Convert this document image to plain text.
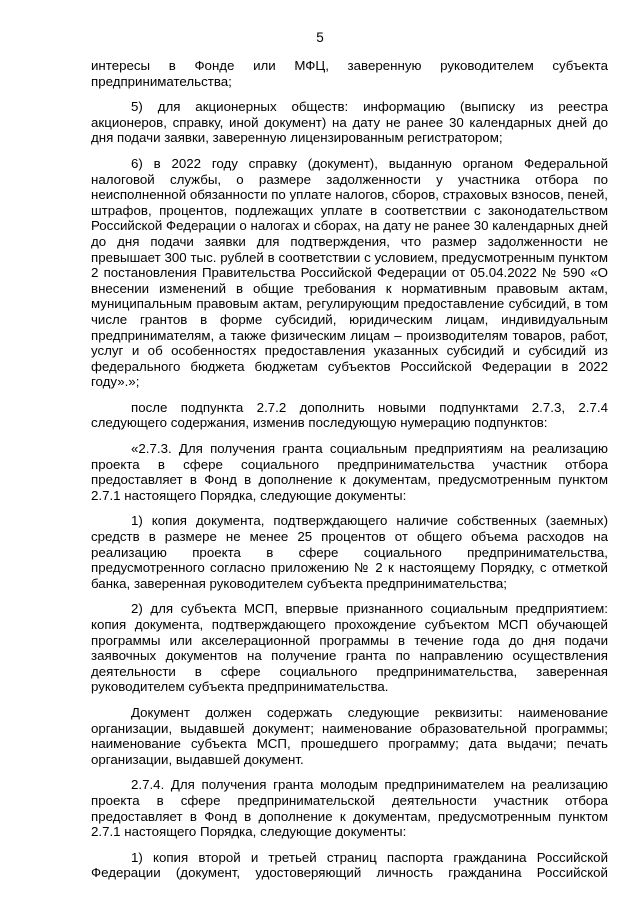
5

интересы в Фонде или МФЦ, заверенную руководителем субъекта предпринимательства;

5) для акционерных обществ: информацию (выписку из реестра акционеров, справку, иной документ) на дату не ранее 30 календарных дней до дня подачи заявки, заверенную лицензированным регистратором;

6) в 2022 году справку (документ), выданную органом Федеральной налоговой службы, о размере задолженности у участника отбора по неисполненной обязанности по уплате налогов, сборов, страховых взносов, пеней, штрафов, процентов, подлежащих уплате в соответствии с законодательством Российской Федерации о налогах и сборах, на дату не ранее 30 календарных дней до дня подачи заявки для подтверждения, что размер задолженности не превышает 300 тыс. рублей в соответствии с условием, предусмотренным пунктом 2 постановления Правительства Российской Федерации от 05.04.2022 № 590 «О внесении изменений в общие требования к нормативным правовым актам, муниципальным правовым актам, регулирующим предоставление субсидий, в том числе грантов в форме субсидий, юридическим лицам, индивидуальным предпринимателям, а также физическим лицам – производителям товаров, работ, услуг и об особенностях предоставления указанных субсидий и субсидий из федерального бюджета бюджетам субъектов Российской Федерации в 2022 году».»;

после подпункта 2.7.2 дополнить новыми подпунктами 2.7.3, 2.7.4 следующего содержания, изменив последующую нумерацию подпунктов:

«2.7.3. Для получения гранта социальным предприятиям на реализацию проекта в сфере социального предпринимательства участник отбора предоставляет в Фонд в дополнение к документам, предусмотренным пунктом 2.7.1 настоящего Порядка, следующие документы:

1) копия документа, подтверждающего наличие собственных (заемных) средств в размере не менее 25 процентов от общего объема расходов на реализацию проекта в сфере социального предпринимательства, предусмотренного согласно приложению № 2 к настоящему Порядку, с отметкой банка, заверенная руководителем субъекта предпринимательства;

2) для субъекта МСП, впервые признанного социальным предприятием: копия документа, подтверждающего прохождение субъектом МСП обучающей программы или акселерационной программы в течение года до дня подачи заявочных документов на получение гранта по направлению осуществления деятельности в сфере социального предпринимательства, заверенная руководителем субъекта предпринимательства.

Документ должен содержать следующие реквизиты: наименование организации, выдавшей документ; наименование образовательной программы; наименование субъекта МСП, прошедшего программу; дата выдачи; печать организации, выдавшей документ.

2.7.4. Для получения гранта молодым предпринимателем на реализацию проекта в сфере предпринимательской деятельности участник отбора предоставляет в Фонд в дополнение к документам, предусмотренным пунктом 2.7.1 настоящего Порядка, следующие документы:

1) копия второй и третьей страниц паспорта гражданина Российской Федерации (документ, удостоверяющий личность гражданина Российской
